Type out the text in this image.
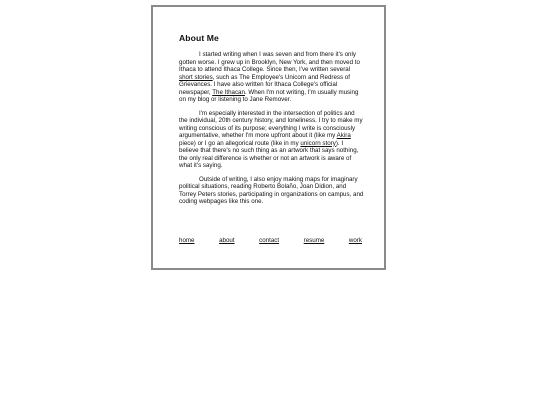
About Me

I started writing when I was seven and from there it's only gotten worse. I grew up in Brooklyn, New York, and then moved to Ithaca to attend Ithaca College. Since then, I've written several short stories, such as The Employee's Unicorn and Redress of Grievances. I have also written for Ithaca College's official newspaper, The Ithacan. When I'm not writing, I'm usually musing on my blog or listening to Jane Remover.

I'm especially interested in the intersection of politics and the individual, 20th century history, and loneliness. I try to make my writing conscious of its purpose; everything I write is consciously argumentative, whether I'm more upfront about it (like my Akira piece) or I go an allegorical route (like in my unicorn story). I believe that there's no such thing as an artwork that says nothing, the only real difference is whether or not an artwork is aware of what it's saying.

Outside of writing, I also enjoy making maps for imaginary political situations, reading Roberto Bolaño, Joan Didion, and Torrey Peters stories, participating in organizations on campus, and coding webpages like this one.

home	about	contact	resume	work
